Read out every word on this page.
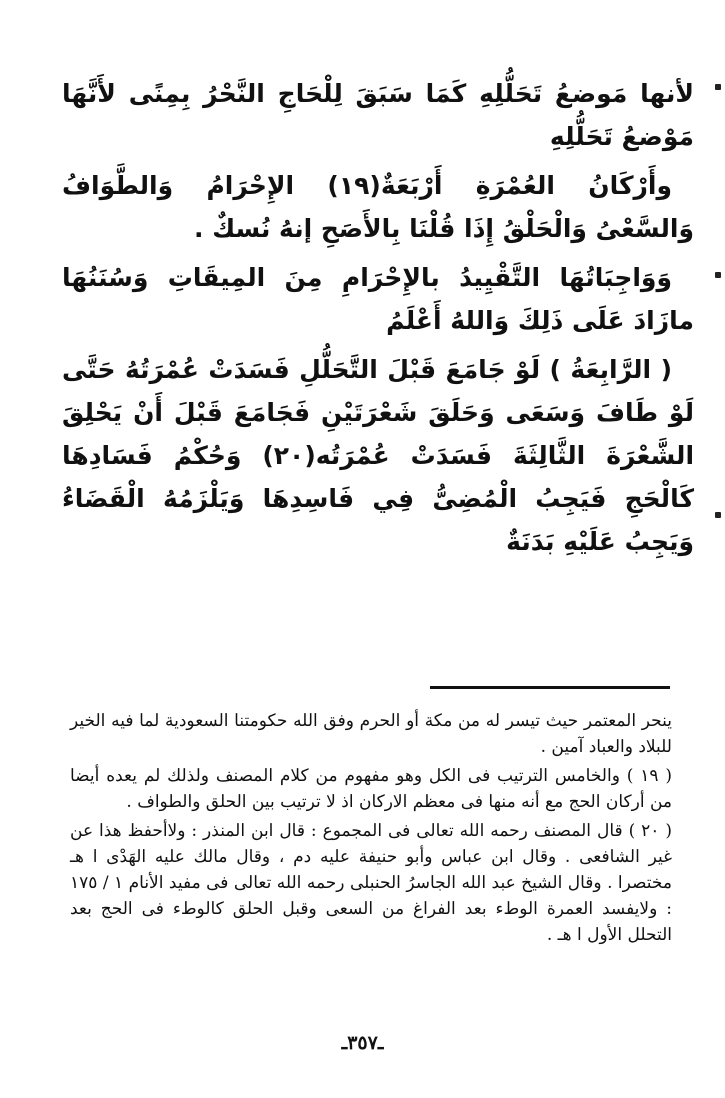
لأنها مَوضعُ تَحَلُّلِهِ كَمَا سَبَقَ لِلْحَاجِ النَّحْرُ بِمِنًى لأَنَّهَا مَوْضعُ تَحَلُّلِهِ

وأَرْكَانُ العُمْرَةِ أَرْبَعَةٌ(١٩) الإِحْرَامُ وَالطَّوَافُ وَالسَّعْىُ وَالْحَلْقُ إِذَا قُلْنَا بِالأَصَحِ إنهُ نُسكٌ .

وَوَاجِبَاتُهَا التَّقْيِيدُ بالإِحْرَامِ مِنَ المِيقَاتِ وَسُنَنُهَا مازَادَ عَلَى ذَلِكَ وَاللهُ أَعْلَمُ

( الرَّابِعَةُ ) لَوْ جَامَعَ قَبْلَ التَّحَلُّلِ فَسَدَتْ عُمْرَتُهُ حَتَّى لَوْ طَافَ وَسَعَى وَحَلَقَ شَعْرَتَيْنِ فَجَامَعَ قَبْلَ أَنْ يَحْلِقَ الشَّعْرَةَ الثَّالِثَةَ فَسَدَتْ عُمْرَتُه(٢٠) وَحُكْمُ فَسَادِهَا كَالْحَجِ فَيَجِبُ الْمُضِىُّ فِي فَاسِدِهَا وَيَلْزَمُهُ الْقَضَاءُ وَيَجِبُ عَلَيْهِ بَدَنَةٌ

ينحر المعتمر حيث تيسر له من مكة أو الحرم وفق الله حكومتنا السعودية لما فيه الخير للبلاد والعباد آمين .

( ١٩ ) والخامس الترتيب فى الكل وهو مفهوم من كلام المصنف ولذلك لم يعده أيضا من أركان الحج مع أنه منها فى معظم الاركان اذ لا ترتيب بين الحلق والطواف .

( ٢٠ ) قال المصنف رحمه الله تعالى فى المجموع : قال ابن المنذر : ولاأحفظ هذا عن غير الشافعى . وقال ابن عباس وأبو حنيفة عليه دم ، وقال مالك عليه الهَدْى ا هـ مختصرا . وقال الشيخ عبد الله الجاسرُ الحنبلى رحمه الله تعالى فى مفيد الأنام ١ / ١٧٥ : ولايفسد العمرة الوطء بعد الفراغ من السعى وقبل الحلق كالوطء فى الحج بعد التحلل الأول ا هـ .

ـ٣٥٧ـ
